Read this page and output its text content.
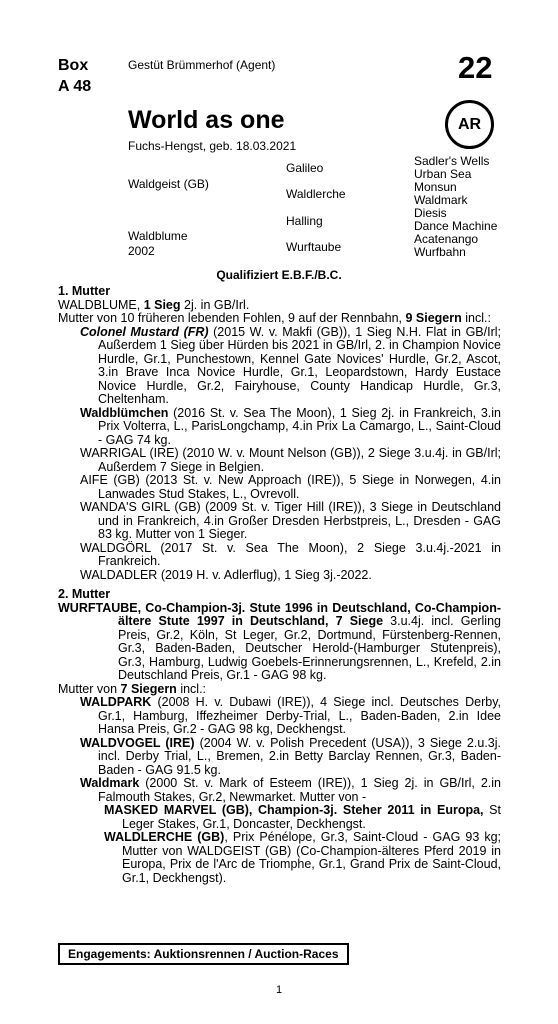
Box
A 48
Gestüt Brümmerhof (Agent)	22
AR
World as one
Fuchs-Hengst, geb. 18.03.2021
Waldgeist (GB)
Waldblume
2002
Galileo
Waldlerche
Halling
Wurftaube
Sadler's Wells
Urban Sea
Monsun
Waldmark
Diesis
Dance Machine
Acatenango
Wurfbahn
Qualifiziert E.B.F./B.C.

1. Mutter

WALDBLUME, 1 Sieg 2j. in GB/Irl.

Mutter von 10 früheren lebenden Fohlen, 9 auf der Rennbahn, 9 Siegern incl.:

Colonel Mustard (FR) (2015 W. v. Makfi (GB)), 1 Sieg N.H. Flat in GB/Irl; Außerdem 1 Sieg über Hürden bis 2021 in GB/Irl, 2. in Champion Novice Hurdle, Gr.1, Punchestown, Kennel Gate Novices' Hurdle, Gr.2, Ascot, 3.in Brave Inca Novice Hurdle, Gr.1, Leopardstown, Hardy Eustace Novice Hurdle, Gr.2, Fairyhouse, County Handicap Hurdle, Gr.3, Cheltenham.

Waldblümchen (2016 St. v. Sea The Moon), 1 Sieg 2j. in Frankreich, 3.in Prix Volterra, L., ParisLongchamp, 4.in Prix La Camargo, L., Saint-Cloud - GAG 74 kg.

WARRIGAL (IRE) (2010 W. v. Mount Nelson (GB)), 2 Siege 3.u.4j. in GB/Irl; Außerdem 7 Siege in Belgien.

AIFE (GB) (2013 St. v. New Approach (IRE)), 5 Siege in Norwegen, 4.in Lanwades Stud Stakes, L., Ovrevoll.

WANDA'S GIRL (GB) (2009 St. v. Tiger Hill (IRE)), 3 Siege in Deutschland und in Frankreich, 4.in Großer Dresden Herbstpreis, L., Dresden - GAG 83 kg. Mutter von 1 Sieger.

WALDGÖRL (2017 St. v. Sea The Moon), 2 Siege 3.u.4j.-2021 in Frankreich.

WALDADLER (2019 H. v. Adlerflug), 1 Sieg 3j.-2022.

2. Mutter

WURFTAUBE, Co-Champion-3j. Stute 1996 in Deutschland, Co-Champion-ältere Stute 1997 in Deutschland, 7 Siege 3.u.4j. incl. Gerling Preis, Gr.2, Köln, St Leger, Gr.2, Dortmund, Fürstenberg-Rennen, Gr.3, Baden-Baden, Deutscher Herold-(Hamburger Stutenpreis), Gr.3, Hamburg, Ludwig Goebels-Erinnerungsrennen, L., Krefeld, 2.in Deutschland Preis, Gr.1 - GAG 98 kg.

Mutter von 7 Siegern incl.:

WALDPARK (2008 H. v. Dubawi (IRE)), 4 Siege incl. Deutsches Derby, Gr.1, Hamburg, Iffezheimer Derby-Trial, L., Baden-Baden, 2.in Idee Hansa Preis, Gr.2 - GAG 98 kg, Deckhengst.

WALDVOGEL (IRE) (2004 W. v. Polish Precedent (USA)), 3 Siege 2.u.3j. incl. Derby Trial, L., Bremen, 2.in Betty Barclay Rennen, Gr.3, Baden-Baden - GAG 91.5 kg.

Waldmark (2000 St. v. Mark of Esteem (IRE)), 1 Sieg 2j. in GB/Irl, 2.in Falmouth Stakes, Gr.2, Newmarket. Mutter von -

MASKED MARVEL (GB), Champion-3j. Steher 2011 in Europa, St Leger Stakes, Gr.1, Doncaster, Deckhengst.

WALDLERCHE (GB), Prix Pénélope, Gr.3, Saint-Cloud - GAG 93 kg; Mutter von WALDGEIST (GB) (Co-Champion-älteres Pferd 2019 in Europa, Prix de l'Arc de Triomphe, Gr.1, Grand Prix de Saint-Cloud, Gr.1, Deckhengst).

Engagements: Auktionsrennen / Auction-Races
1
